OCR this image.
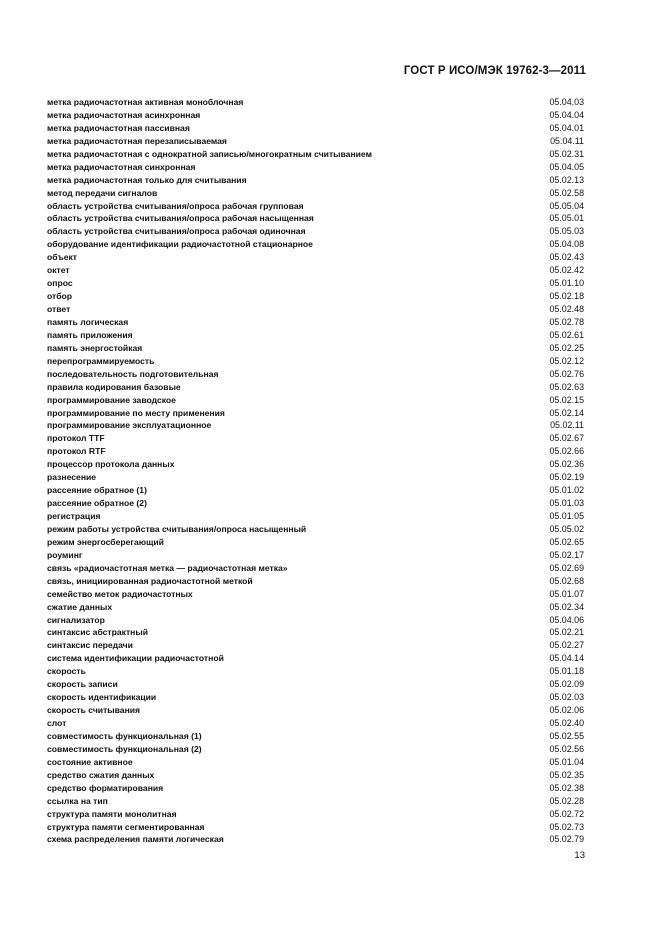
ГОСТ Р ИСО/МЭК 19762-3—2011
метка радиочастотная активная моноблочная	05.04.03
метка радиочастотная асинхронная	05.04.04
метка радиочастотная пассивная	05.04.01
метка радиочастотная перезаписываемая	05.04.11
метка радиочастотная с однократной записью/многократным считыванием	05.02.31
метка радиочастотная синхронная	05.04.05
метка радиочастотная только для считывания	05.02.13
метод передачи сигналов	05.02.58
область устройства считывания/опроса рабочая групповая	05.05.04
область устройства считывания/опроса рабочая насыщенная	05.05.01
область устройства считывания/опроса рабочая одиночная	05.05.03
оборудование идентификации радиочастотной стационарное	05.04.08
объект	05.02.43
октет	05.02.42
опрос	05.01.10
отбор	05.02.18
ответ	05.02.48
память логическая	05.02.78
память приложения	05.02.61
память энергостойкая	05.02.25
перепрограммируемость	05.02.12
последовательность подготовительная	05.02.76
правила кодирования базовые	05.02.63
программирование заводское	05.02.15
программирование по месту применения	05.02.14
программирование эксплуатационное	05.02.11
протокол TTF	05.02.67
протокол RTF	05.02.66
процессор протокола данных	05.02.36
разнесение	05.02.19
рассеяние обратное (1)	05.01.02
рассеяние обратное (2)	05.01.03
регистрация	05.01.05
режим работы устройства считывания/опроса насыщенный	05.05.02
режим энергосберегающий	05.02.65
роуминг	05.02.17
связь «радиочастотная метка — радиочастотная метка»	05.02.69
связь, инициированная радиочастотной меткой	05.02.68
семейство меток радиочастотных	05.01.07
сжатие данных	05.02.34
сигнализатор	05.04.06
синтаксис абстрактный	05.02.21
синтаксис передачи	05.02.27
система идентификации радиочастотной	05.04.14
скорость	05.01.18
скорость записи	05.02.09
скорость идентификации	05.02.03
скорость считывания	05.02.06
слот	05.02.40
совместимость функциональная (1)	05.02.55
совместимость функциональная (2)	05.02.56
состояние активное	05.01.04
средство сжатия данных	05.02.35
средство форматирования	05.02.38
ссылка на тип	05.02.28
структура памяти монолитная	05.02.72
структура памяти сегментированная	05.02.73
схема распределения памяти логическая	05.02.79
13
